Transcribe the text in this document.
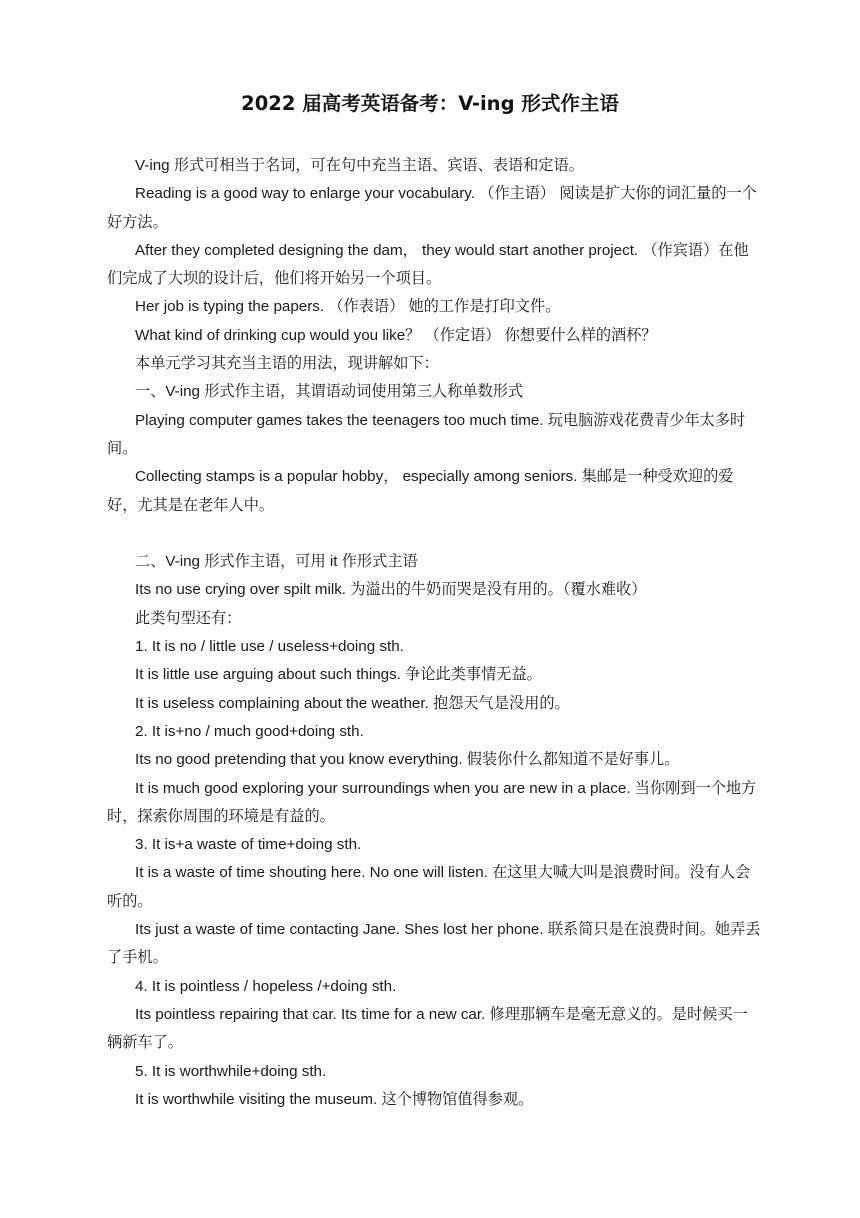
2022 届高考英语备考：V-ing 形式作主语

V-ing 形式可相当于名词，可在句中充当主语、宾语、表语和定语。

Reading is a good way to enlarge your vocabulary. （作主语） 阅读是扩大你的词汇量的一个好方法。

After they completed designing the dam， they would start another project. （作宾语）在他们完成了大坝的设计后，他们将开始另一个项目。

Her job is typing the papers. （作表语） 她的工作是打印文件。

What kind of drinking cup would you like？ （作定语） 你想要什么样的酒杯？

本单元学习其充当主语的用法，现讲解如下：

一、V-ing 形式作主语，其谓语动词使用第三人称单数形式

Playing computer games takes the teenagers too much time. 玩电脑游戏花费青少年太多时间。

Collecting stamps is a popular hobby， especially among seniors. 集邮是一种受欢迎的爱好，尤其是在老年人中。

二、V-ing 形式作主语，可用 it 作形式主语

Its no use crying over spilt milk. 为溢出的牛奶而哭是没有用的。（覆水难收）

此类句型还有：

1. It is no / little use / useless+doing sth.

It is little use arguing about such things. 争论此类事情无益。

It is useless complaining about the weather. 抱怨天气是没用的。

2. It is+no / much good+doing sth.

Its no good pretending that you know everything. 假装你什么都知道不是好事儿。

It is much good exploring your surroundings when you are new in a place. 当你刚到一个地方时，探索你周围的环境是有益的。

3. It is+a waste of time+doing sth.

It is a waste of time shouting here. No one will listen. 在这里大喊大叫是浪费时间。没有人会听的。

Its just a waste of time contacting Jane. Shes lost her phone. 联系简只是在浪费时间。她弄丢了手机。

4. It is pointless / hopeless /+doing sth.

Its pointless repairing that car. Its time for a new car. 修理那辆车是毫无意义的。是时候买一辆新车了。

5. It is worthwhile+doing sth.

It is worthwhile visiting the museum. 这个博物馆值得参观。
